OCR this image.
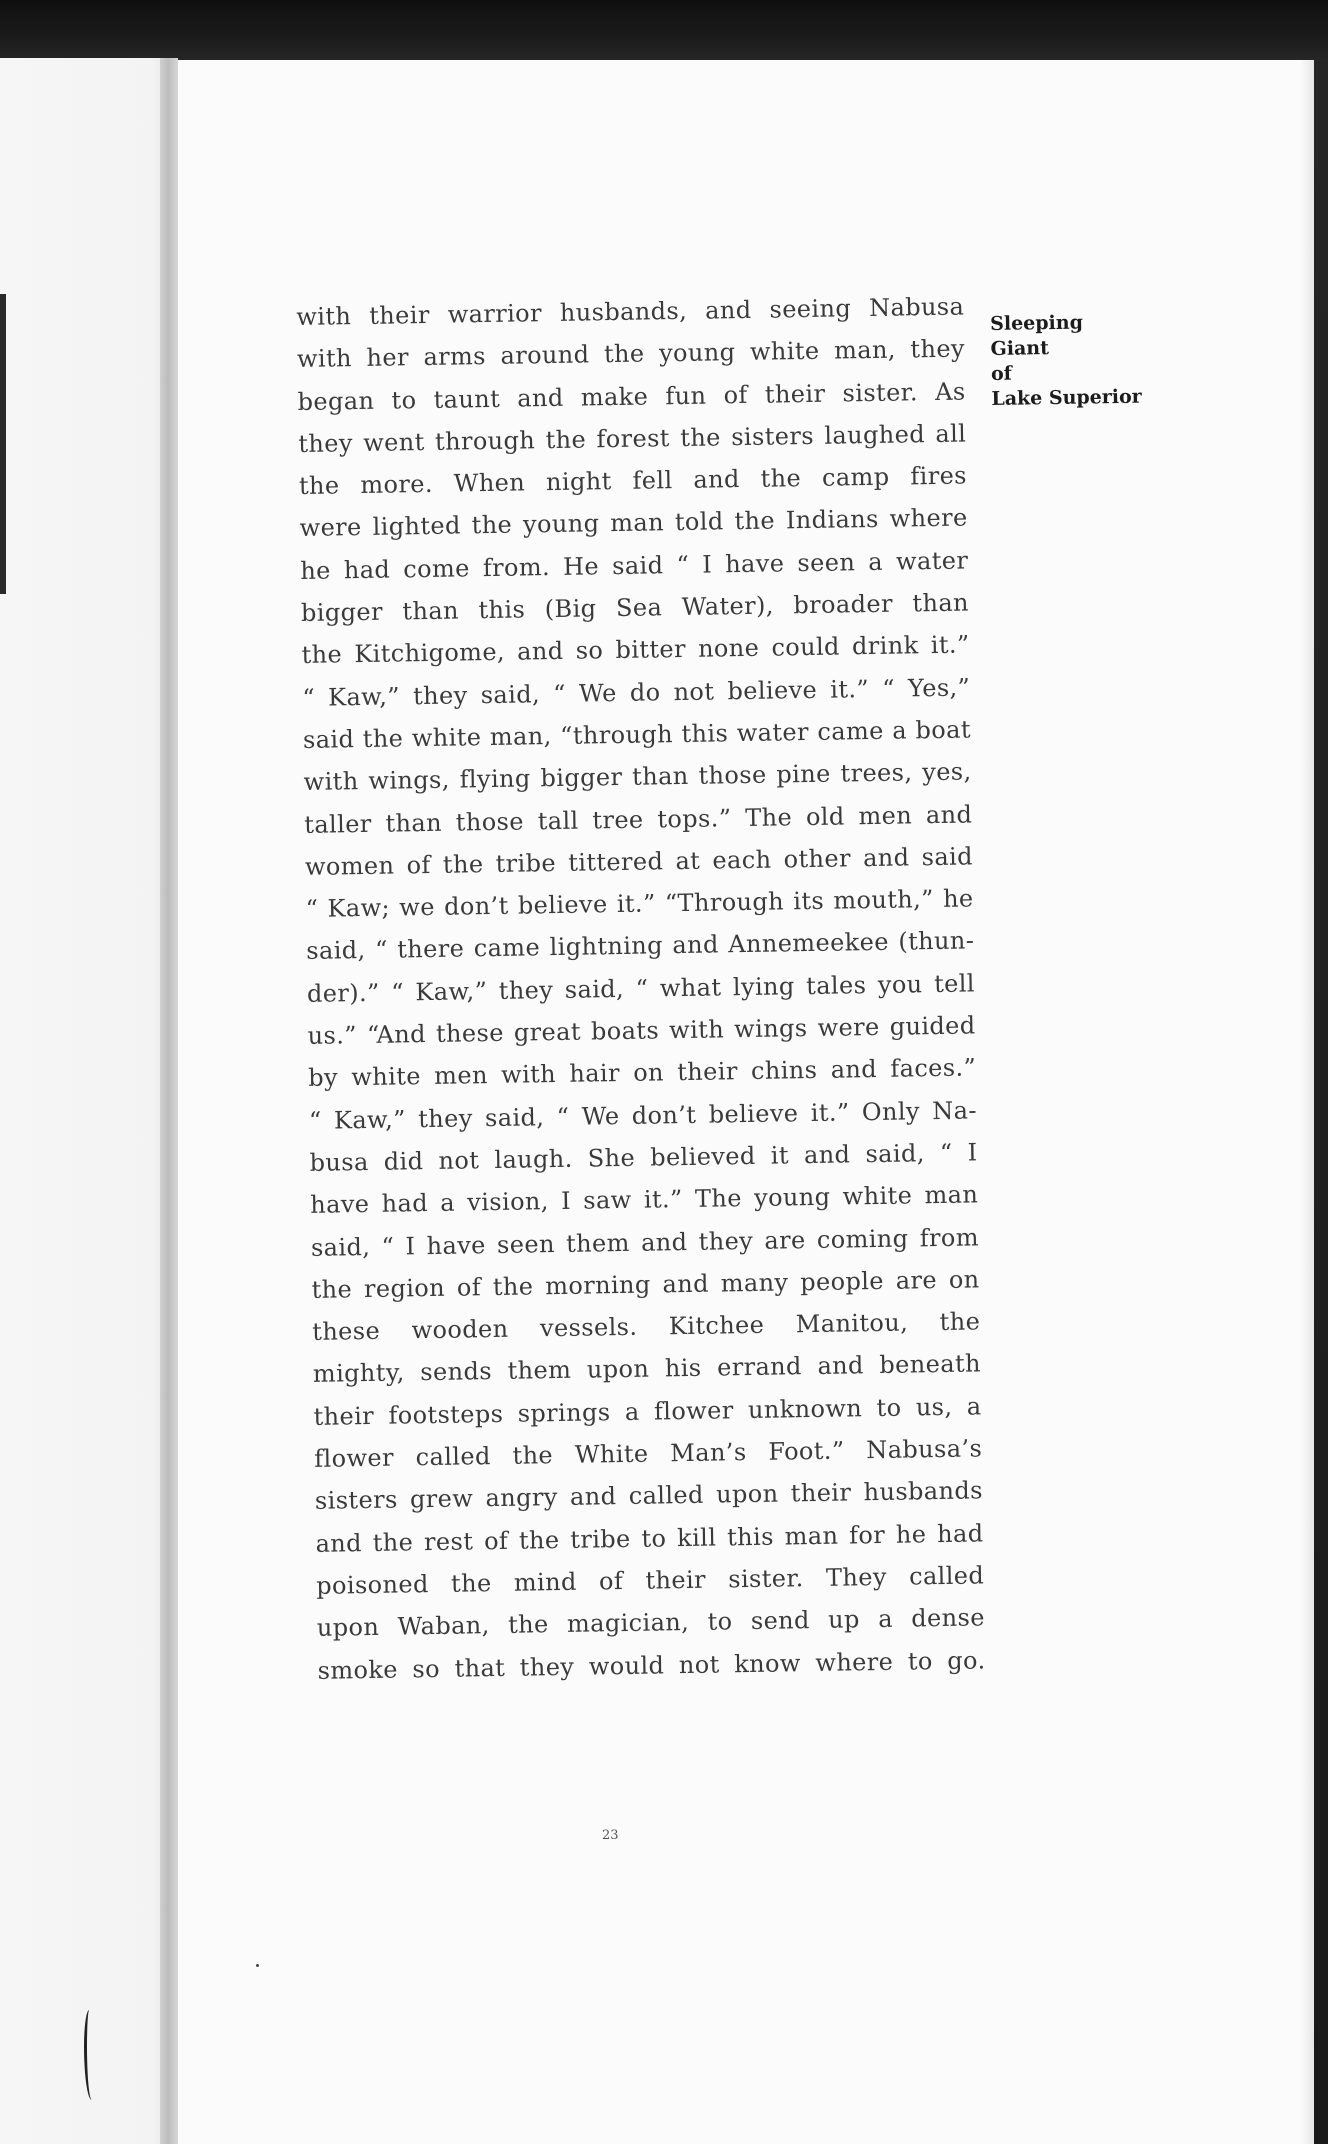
with their warrior husbands, and seeing Nabusa
with her arms around the young white man, they
began to taunt and make fun of their sister. As
they went through the forest the sisters laughed all
the more. When night fell and the camp fires
were lighted the young man told the Indians where
he had come from. He said “ I have seen a water
bigger than this (Big Sea Water), broader than
the Kitchigome, and so bitter none could drink it.”
“ Kaw,” they said, “ We do not believe it.” “ Yes,”
said the white man, “through this water came a boat
with wings, flying bigger than those pine trees, yes,
taller than those tall tree tops.” The old men and
women of the tribe tittered at each other and said
“ Kaw; we don’t believe it.” “Through its mouth,” he
said, “ there came lightning and Annemeekee (thun-
der).” “ Kaw,” they said, “ what lying tales you tell
us.” “And these great boats with wings were guided
by white men with hair on their chins and faces.”
“ Kaw,” they said, “ We don’t believe it.” Only Na-
busa did not laugh. She believed it and said, “ I
have had a vision, I saw it.” The young white man
said, “ I have seen them and they are coming from
the region of the morning and many people are on
these wooden vessels. Kitchee Manitou, the
mighty, sends them upon his errand and beneath
their footsteps springs a flower unknown to us, a
flower called the White Man’s Foot.” Nabusa’s
sisters grew angry and called upon their husbands
and the rest of the tribe to kill this man for he had
poisoned the mind of their sister. They called
upon Waban, the magician, to send up a dense
smoke so that they would not know where to go.
Sleeping
Giant
of
Lake Superior
23
